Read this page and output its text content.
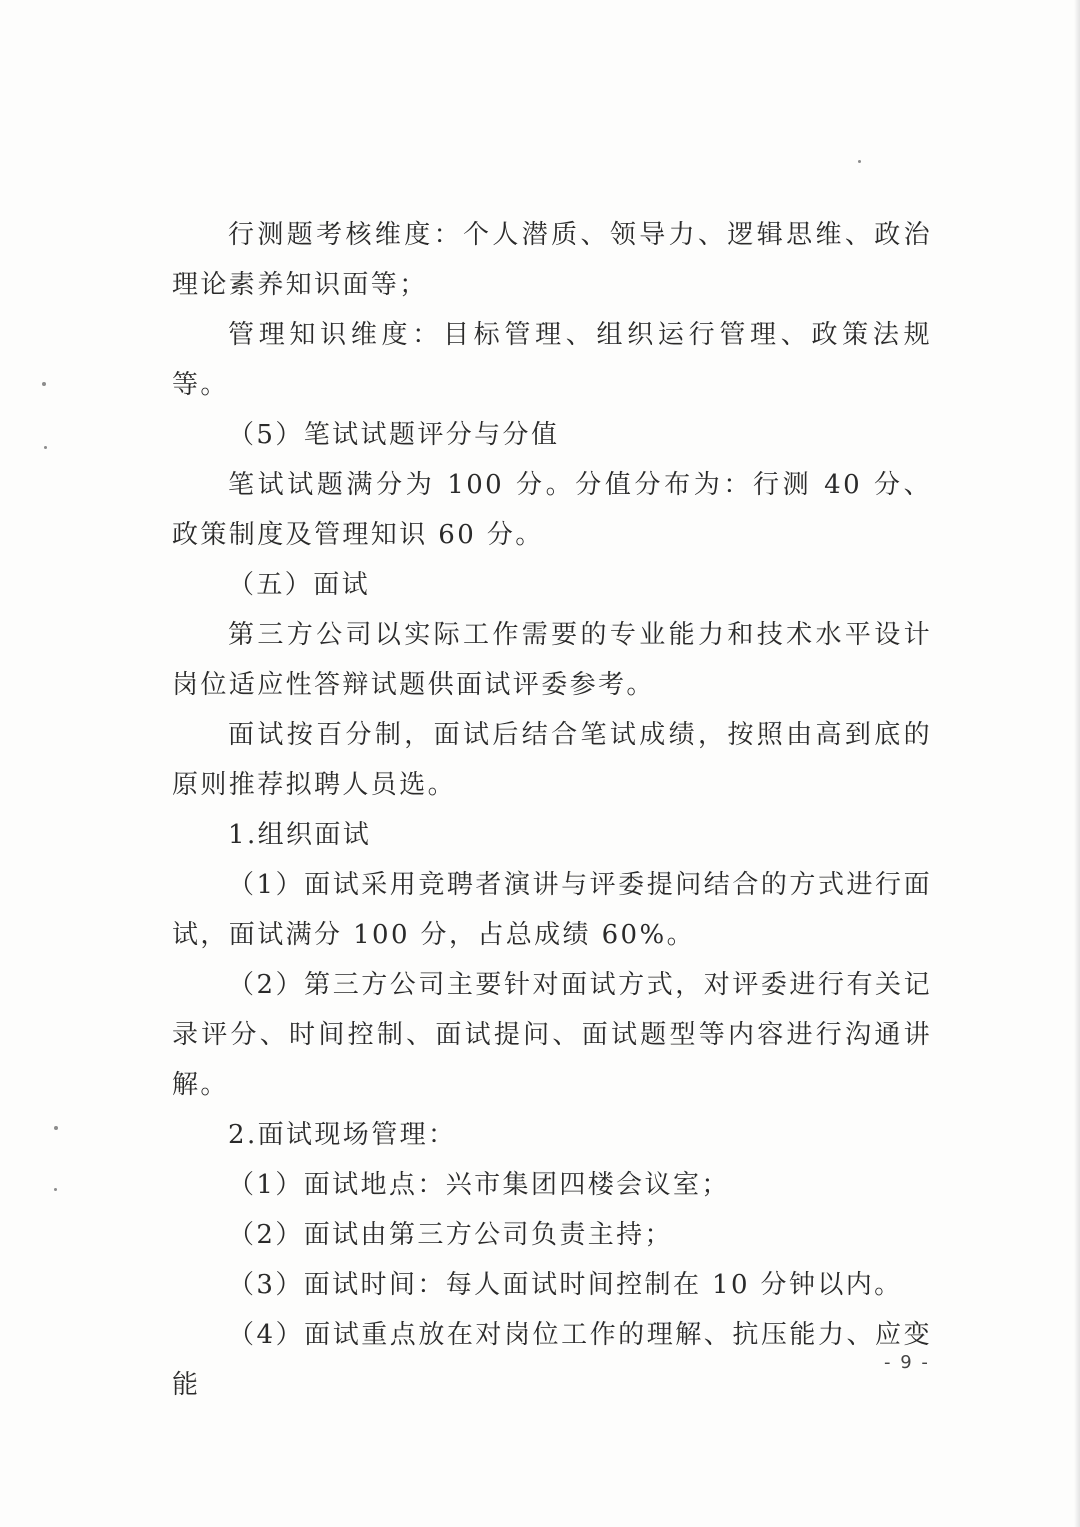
行测题考核维度：个人潜质、领导力、逻辑思维、政治理论素养知识面等；

管理知识维度：目标管理、组织运行管理、政策法规等。

（5）笔试试题评分与分值

笔试试题满分为 100 分。分值分布为：行测 40 分、政策制度及管理知识 60 分。

（五）面试

第三方公司以实际工作需要的专业能力和技术水平设计岗位适应性答辩试题供面试评委参考。

面试按百分制，面试后结合笔试成绩，按照由高到底的原则推荐拟聘人员选。

1.组织面试

（1）面试采用竞聘者演讲与评委提问结合的方式进行面试，面试满分 100 分，占总成绩 60%。

（2）第三方公司主要针对面试方式，对评委进行有关记录评分、时间控制、面试提问、面试题型等内容进行沟通讲解。

2.面试现场管理：

（1）面试地点：兴市集团四楼会议室；

（2）面试由第三方公司负责主持；

（3）面试时间：每人面试时间控制在 10 分钟以内。

（4）面试重点放在对岗位工作的理解、抗压能力、应变能

- 9 -
